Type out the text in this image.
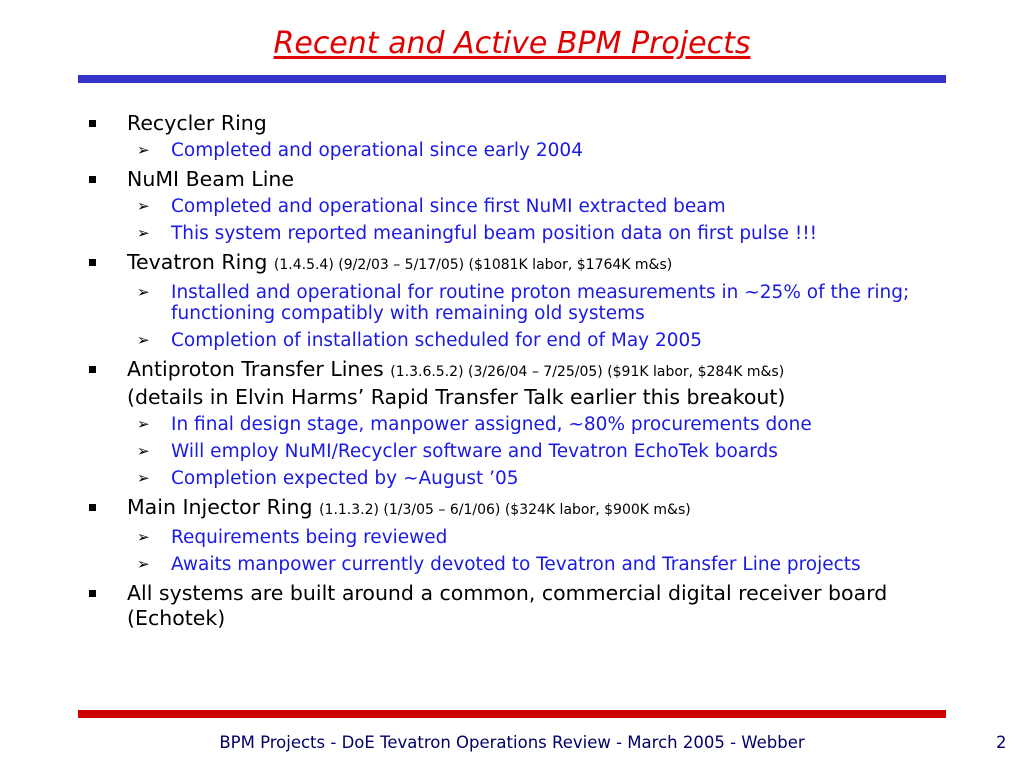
Recent and Active BPM Projects
Recycler Ring
➢ Completed and operational since early 2004
NuMI Beam Line
➢ Completed and operational since first NuMI extracted beam
➢ This system reported meaningful beam position data on first pulse !!!
Tevatron Ring (1.4.5.4) (9/2/03 – 5/17/05) ($1081K labor, $1764K m&s)
➢ Installed and operational for routine proton measurements in ~25% of the ring; functioning compatibly with remaining old systems
➢ Completion of installation scheduled for end of May 2005
Antiproton Transfer Lines (1.3.6.5.2) (3/26/04 – 7/25/05) ($91K labor, $284K m&s)
(details in Elvin Harms’ Rapid Transfer Talk earlier this breakout)
➢ In final design stage, manpower assigned, ~80% procurements done
➢ Will employ NuMI/Recycler software and Tevatron EchoTek boards
➢ Completion expected by ~August ’05
Main Injector Ring (1.1.3.2) (1/3/05 – 6/1/06) ($324K labor, $900K m&s)
➢ Requirements being reviewed
➢ Awaits manpower currently devoted to Tevatron and Transfer Line projects
All systems are built around a common, commercial digital receiver board (Echotek)
BPM Projects - DoE Tevatron Operations Review - March 2005 - Webber	2
